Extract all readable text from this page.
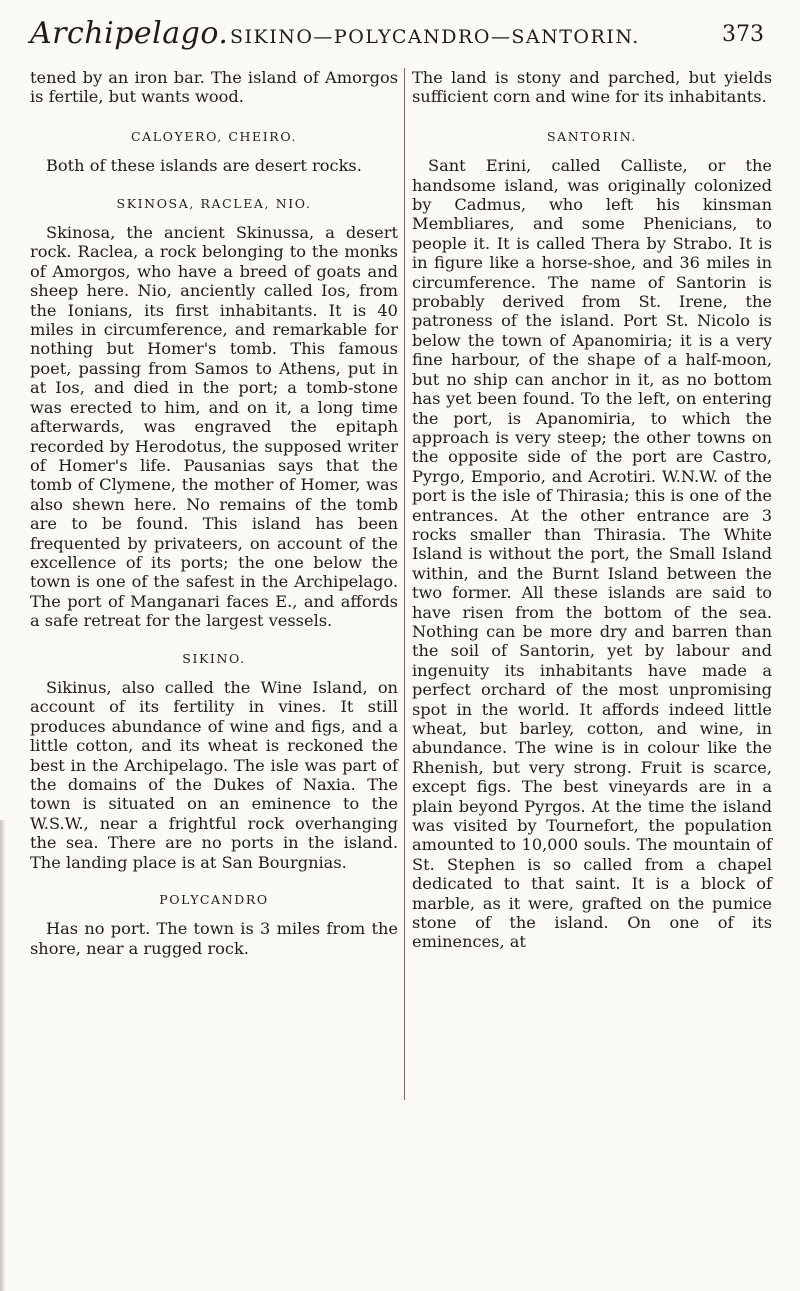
Archipelago. SIKINO—POLYCANDRO—SANTORIN.	373

tened by an iron bar. The island of Amorgos is fertile, but wants wood.

CALOYERO, CHEIRO.

Both of these islands are desert rocks.

SKINOSA, RACLEA, NIO.

Skinosa, the ancient Skinussa, a desert rock. Raclea, a rock belonging to the monks of Amorgos, who have a breed of goats and sheep here. Nio, anciently called Ios, from the Ionians, its first inhabitants. It is 40 miles in circumference, and remarkable for nothing but Homer's tomb. This famous poet, passing from Samos to Athens, put in at Ios, and died in the port; a tomb-stone was erected to him, and on it, a long time afterwards, was engraved the epitaph recorded by Herodotus, the supposed writer of Homer's life. Pausanias says that the tomb of Clymene, the mother of Homer, was also shewn here. No remains of the tomb are to be found. This island has been frequented by privateers, on account of the excellence of its ports; the one below the town is one of the safest in the Archipelago. The port of Manganari faces E., and affords a safe retreat for the largest vessels.

SIKINO.

Sikinus, also called the Wine Island, on account of its fertility in vines. It still produces abundance of wine and figs, and a little cotton, and its wheat is reckoned the best in the Archipelago. The isle was part of the domains of the Dukes of Naxia. The town is situated on an eminence to the W.S.W., near a frightful rock overhanging the sea. There are no ports in the island. The landing place is at San Bourgnias.

POLYCANDRO

Has no port. The town is 3 miles from the shore, near a rugged rock.

The land is stony and parched, but yields sufficient corn and wine for its inhabitants.

SANTORIN.

Sant Erini, called Calliste, or the handsome island, was originally colonized by Cadmus, who left his kinsman Membliares, and some Phenicians, to people it. It is called Thera by Strabo. It is in figure like a horse-shoe, and 36 miles in circumference. The name of Santorin is probably derived from St. Irene, the patroness of the island. Port St. Nicolo is below the town of Apanomiria; it is a very fine harbour, of the shape of a half-moon, but no ship can anchor in it, as no bottom has yet been found. To the left, on entering the port, is Apanomiria, to which the approach is very steep; the other towns on the opposite side of the port are Castro, Pyrgo, Emporio, and Acrotiri. W.N.W. of the port is the isle of Thirasia; this is one of the entrances. At the other entrance are 3 rocks smaller than Thirasia. The White Island is without the port, the Small Island within, and the Burnt Island between the two former. All these islands are said to have risen from the bottom of the sea. Nothing can be more dry and barren than the soil of Santorin, yet by labour and ingenuity its inhabitants have made a perfect orchard of the most unpromising spot in the world. It affords indeed little wheat, but barley, cotton, and wine, in abundance. The wine is in colour like the Rhenish, but very strong. Fruit is scarce, except figs. The best vineyards are in a plain beyond Pyrgos. At the time the island was visited by Tournefort, the population amounted to 10,000 souls. The mountain of St. Stephen is so called from a chapel dedicated to that saint. It is a block of marble, as it were, grafted on the pumice stone of the island. On one of its eminences, at
